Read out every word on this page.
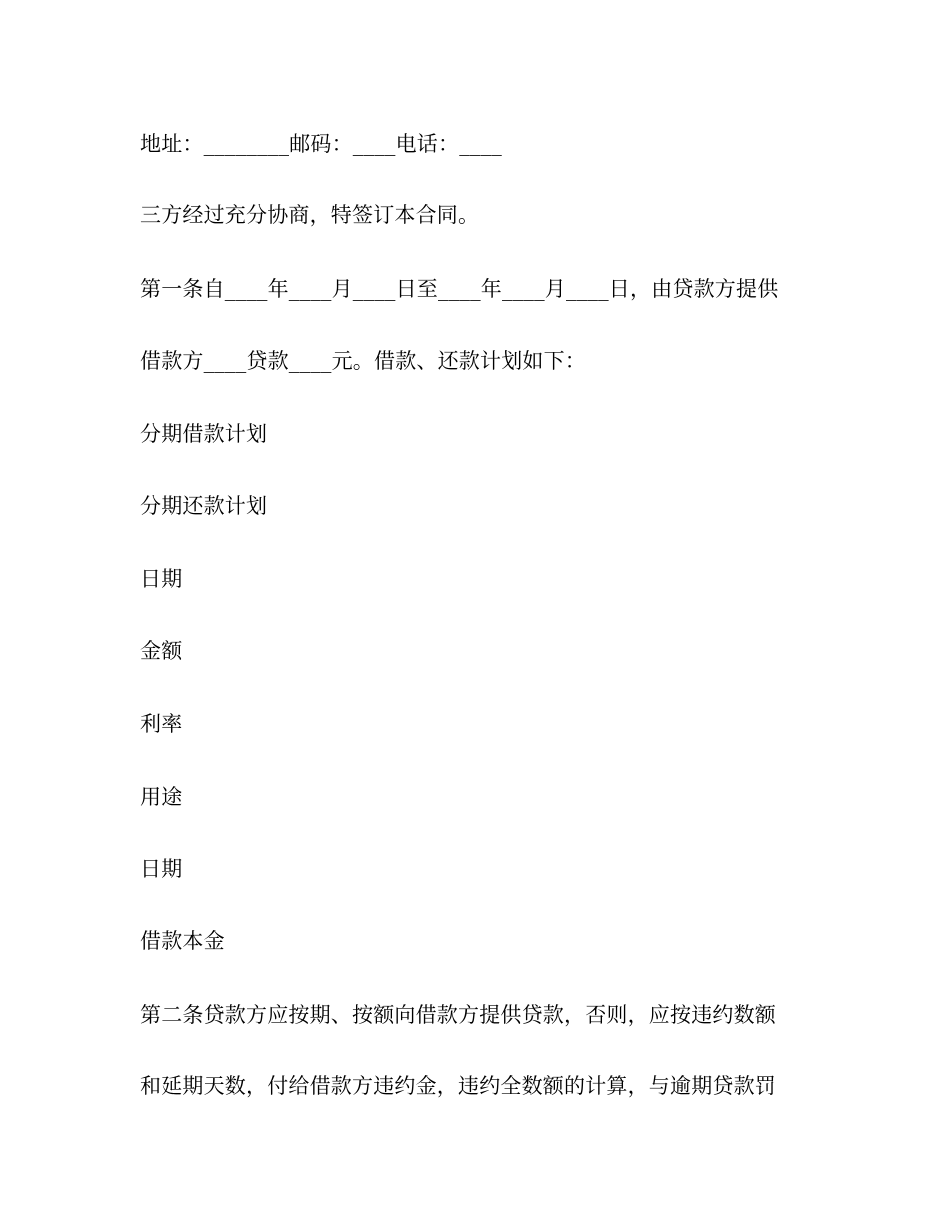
地址：________邮码：____电话：____
三方经过充分协商，特签订本合同。
第一条自____年____月____日至____年____月____日，由贷款方提供
借款方____贷款____元。借款、还款计划如下：
分期借款计划
分期还款计划
日期
金额
利率
用途
日期
借款本金
第二条贷款方应按期、按额向借款方提供贷款，否则，应按违约数额
和延期天数，付给借款方违约金，违约全数额的计算，与逾期贷款罚
